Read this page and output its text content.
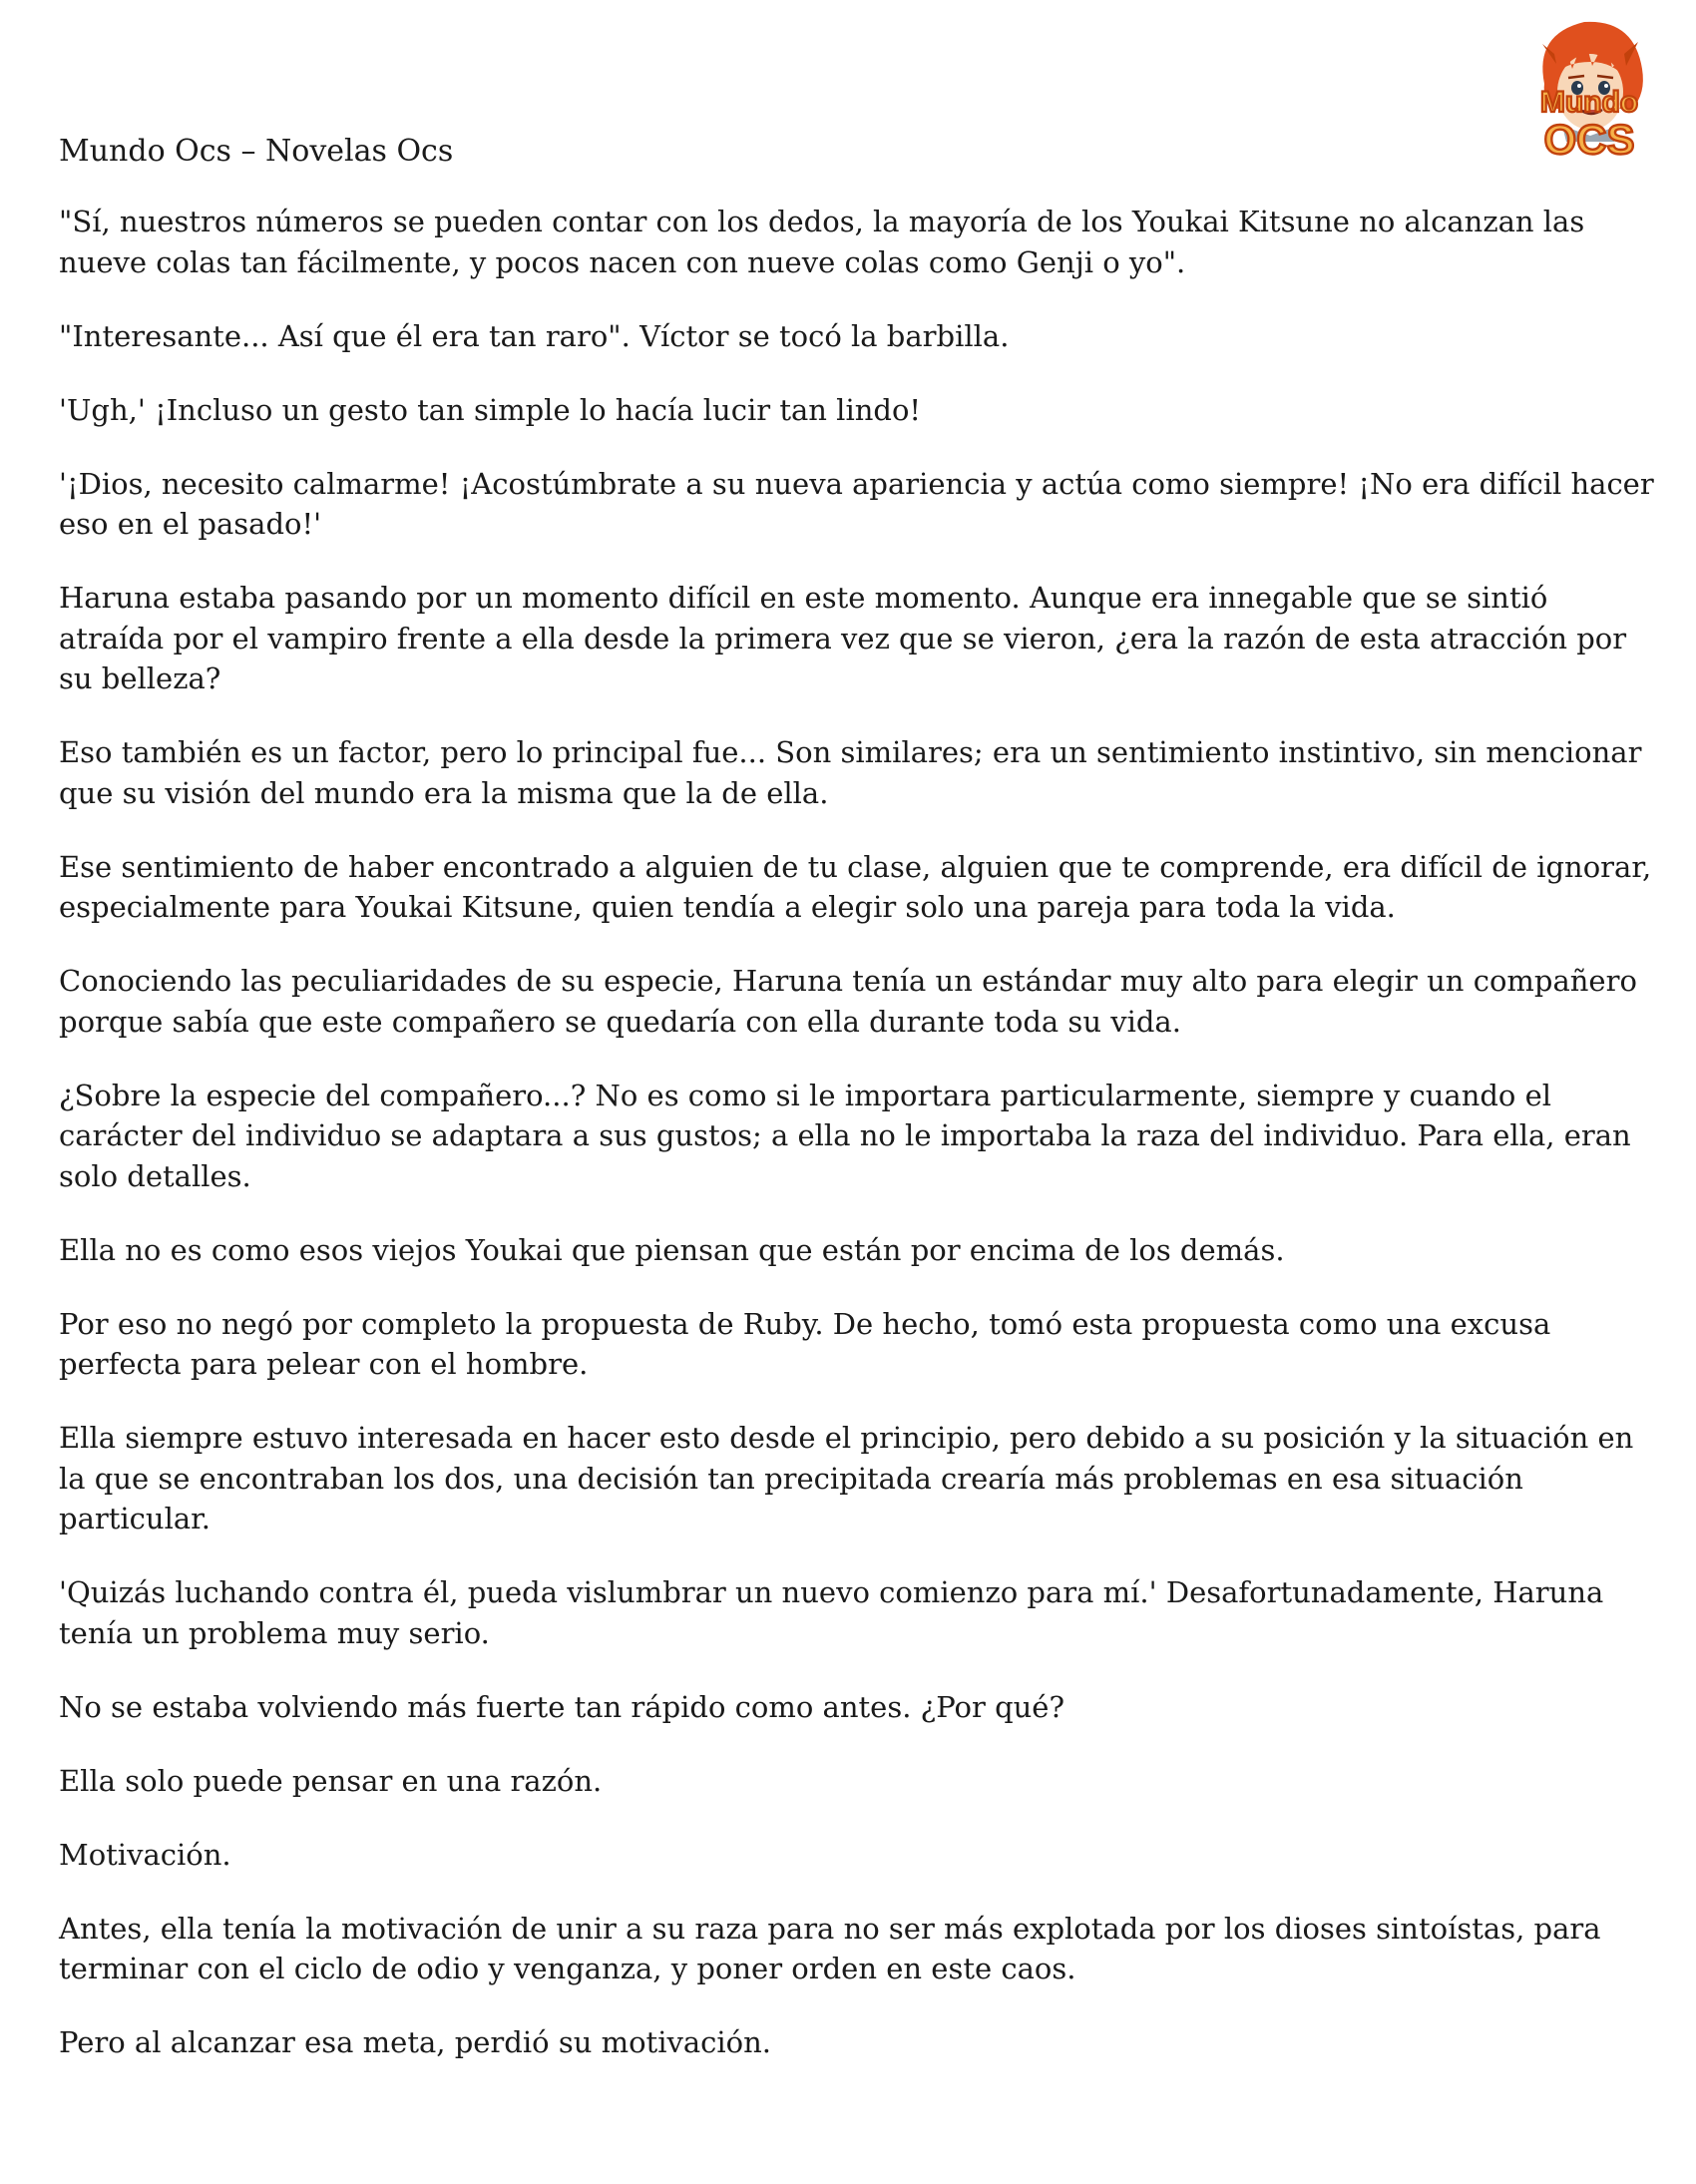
Mundo
OCS
Mundo Ocs – Novelas Ocs

"Sí, nuestros números se pueden contar con los dedos, la mayoría de los Youkai Kitsune no alcanzan las nueve colas tan fácilmente, y pocos nacen con nueve colas como Genji o yo".

"Interesante... Así que él era tan raro". Víctor se tocó la barbilla.

'Ugh,' ¡Incluso un gesto tan simple lo hacía lucir tan lindo!

'¡Dios, necesito calmarme! ¡Acostúmbrate a su nueva apariencia y actúa como siempre! ¡No era difícil hacer eso en el pasado!'

Haruna estaba pasando por un momento difícil en este momento. Aunque era innegable que se sintió atraída por el vampiro frente a ella desde la primera vez que se vieron, ¿era la razón de esta atracción por su belleza?

Eso también es un factor, pero lo principal fue... Son similares; era un sentimiento instintivo, sin mencionar que su visión del mundo era la misma que la de ella.

Ese sentimiento de haber encontrado a alguien de tu clase, alguien que te comprende, era difícil de ignorar, especialmente para Youkai Kitsune, quien tendía a elegir solo una pareja para toda la vida.

Conociendo las peculiaridades de su especie, Haruna tenía un estándar muy alto para elegir un compañero porque sabía que este compañero se quedaría con ella durante toda su vida.

¿Sobre la especie del compañero...? No es como si le importara particularmente, siempre y cuando el carácter del individuo se adaptara a sus gustos; a ella no le importaba la raza del individuo. Para ella, eran solo detalles.

Ella no es como esos viejos Youkai que piensan que están por encima de los demás.

Por eso no negó por completo la propuesta de Ruby. De hecho, tomó esta propuesta como una excusa perfecta para pelear con el hombre.

Ella siempre estuvo interesada en hacer esto desde el principio, pero debido a su posición y la situación en la que se encontraban los dos, una decisión tan precipitada crearía más problemas en esa situación particular.

'Quizás luchando contra él, pueda vislumbrar un nuevo comienzo para mí.' Desafortunadamente, Haruna tenía un problema muy serio.

No se estaba volviendo más fuerte tan rápido como antes. ¿Por qué?

Ella solo puede pensar en una razón.

Motivación.

Antes, ella tenía la motivación de unir a su raza para no ser más explotada por los dioses sintoístas, para terminar con el ciclo de odio y venganza, y poner orden en este caos.

Pero al alcanzar esa meta, perdió su motivación.
